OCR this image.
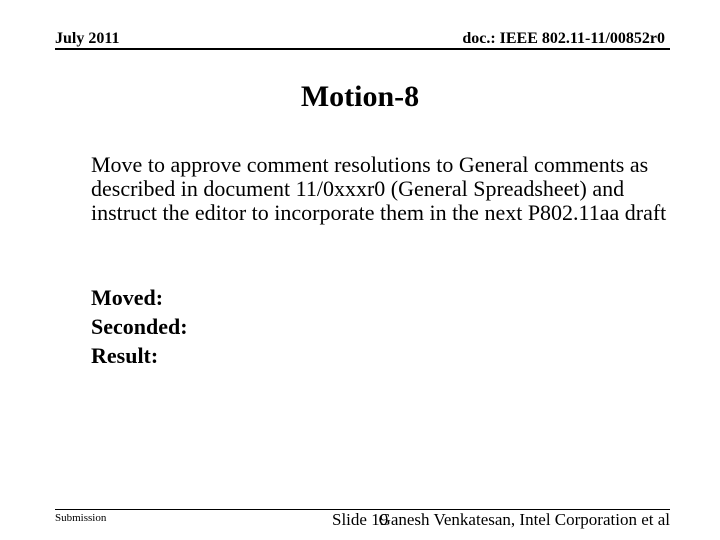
July 2011	doc.: IEEE 802.11-11/00852r0
Motion-8
Move to approve comment resolutions to General comments as described in document 11/0xxxr0 (General Spreadsheet) and instruct the editor to incorporate them in the next P802.11aa draft
Moved:
Seconded:
Result:
Submission	Slide 19
Ganesh Venkatesan, Intel Corporation et al
